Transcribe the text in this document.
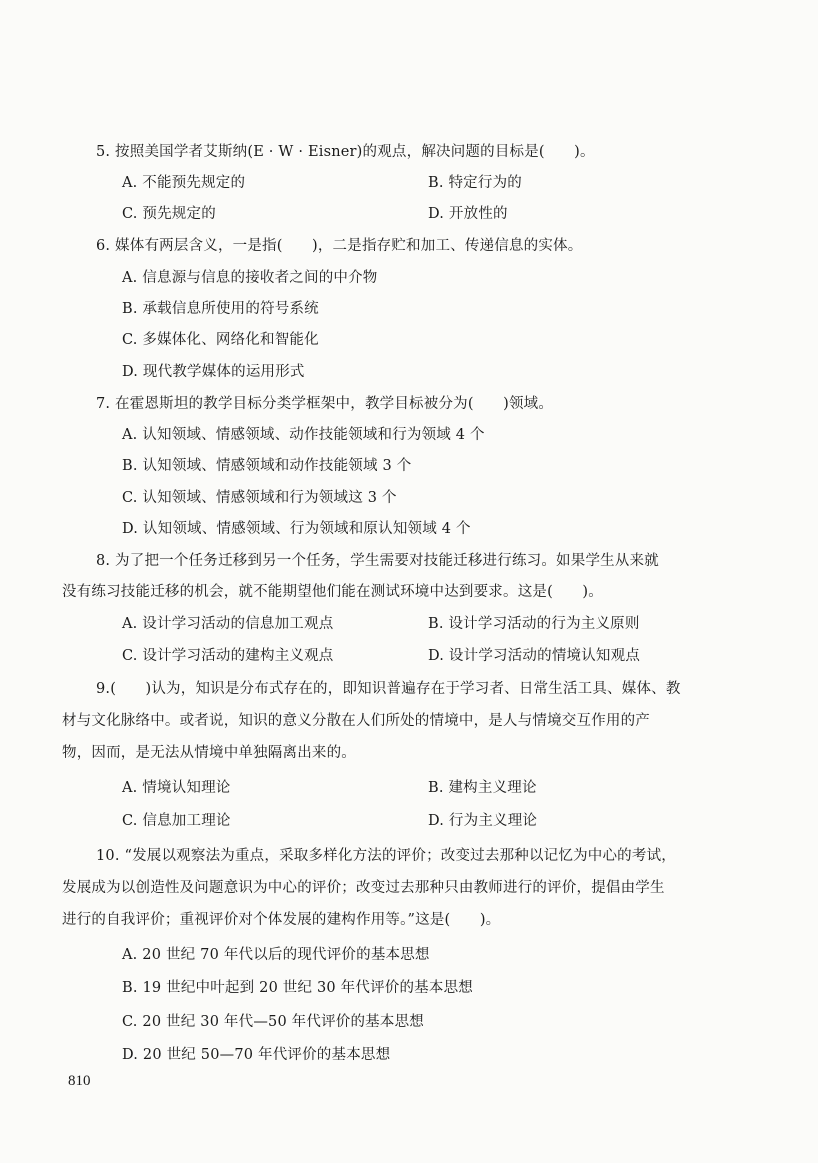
5. 按照美国学者艾斯纳(E · W · Eisner)的观点，解决问题的目标是(　　)。
A. 不能预先规定的	B. 特定行为的
C. 预先规定的	D. 开放性的
6. 媒体有两层含义，一是指(　　)，二是指存贮和加工、传递信息的实体。
A. 信息源与信息的接收者之间的中介物
B. 承载信息所使用的符号系统
C. 多媒体化、网络化和智能化
D. 现代教学媒体的运用形式
7. 在霍恩斯坦的教学目标分类学框架中，教学目标被分为(　　)领域。
A. 认知领域、情感领域、动作技能领域和行为领域 4 个
B. 认知领域、情感领域和动作技能领域 3 个
C. 认知领域、情感领域和行为领域这 3 个
D. 认知领域、情感领域、行为领域和原认知领域 4 个
8. 为了把一个任务迁移到另一个任务，学生需要对技能迁移进行练习。如果学生从来就
没有练习技能迁移的机会，就不能期望他们能在测试环境中达到要求。这是(　　)。
A. 设计学习活动的信息加工观点	B. 设计学习活动的行为主义原则
C. 设计学习活动的建构主义观点	D. 设计学习活动的情境认知观点
9.(　　)认为，知识是分布式存在的，即知识普遍存在于学习者、日常生活工具、媒体、教
材与文化脉络中。或者说，知识的意义分散在人们所处的情境中，是人与情境交互作用的产
物，因而，是无法从情境中单独隔离出来的。
A. 情境认知理论	B. 建构主义理论
C. 信息加工理论	D. 行为主义理论
10. “发展以观察法为重点，采取多样化方法的评价；改变过去那种以记忆为中心的考试，
发展成为以创造性及问题意识为中心的评价；改变过去那种只由教师进行的评价，提倡由学生
进行的自我评价；重视评价对个体发展的建构作用等。”这是(　　)。
A. 20 世纪 70 年代以后的现代评价的基本思想
B. 19 世纪中叶起到 20 世纪 30 年代评价的基本思想
C. 20 世纪 30 年代—50 年代评价的基本思想
D. 20 世纪 50—70 年代评价的基本思想
810
